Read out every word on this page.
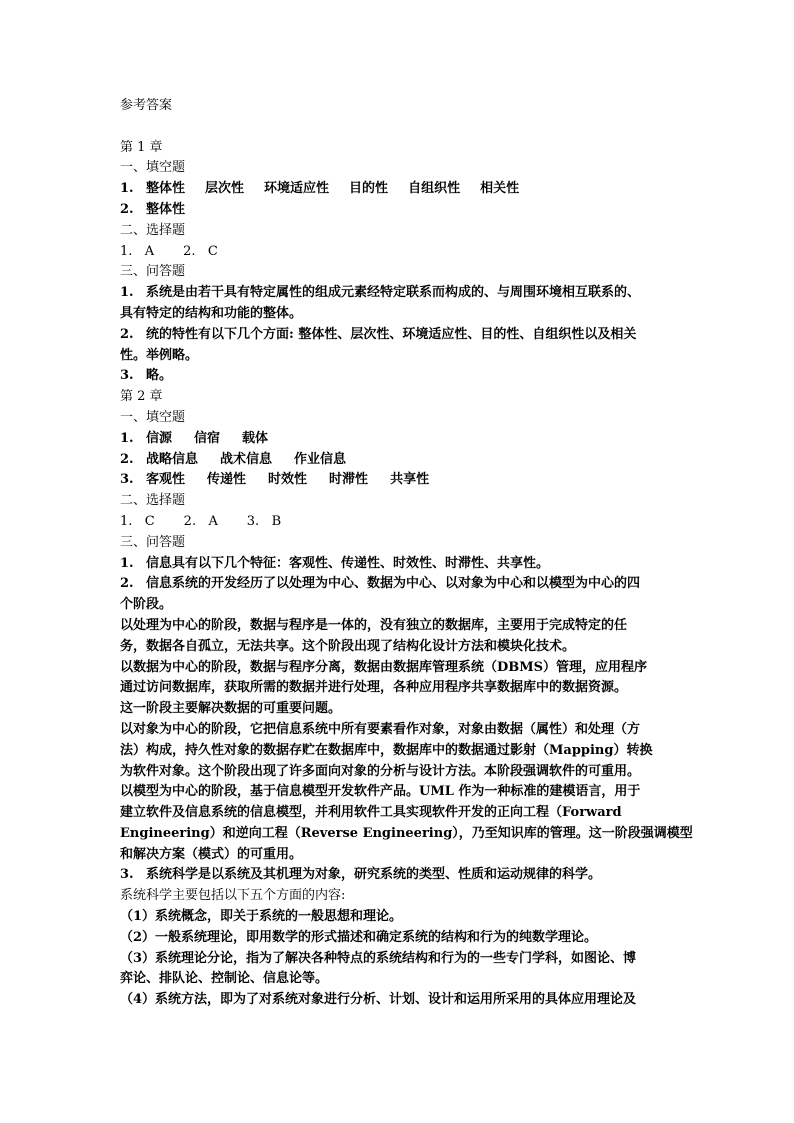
参考答案
第 1 章
一、填空题
1. 整体性 层次性 环境适应性 目的性 自组织性 相关性
2. 整体性
二、选择题
1.   A       2.   C
三、问答题
1. 系统是由若干具有特定属性的组成元素经特定联系而构成的、与周围环境相互联系的、
具有特定的结构和功能的整体。
2. 统的特性有以下几个方面: 整体性、层次性、环境适应性、目的性、自组织性以及相关
性。举例略。
3. 略。
第 2 章
一、填空题
1. 信源 信宿 载体
2. 战略信息 战术信息 作业信息
3. 客观性 传递性 时效性 时滞性 共享性
二、选择题
1.   C       2.   A       3.   B
三、问答题
1. 信息具有以下几个特征：客观性、传递性、时效性、时滞性、共享性。
2. 信息系统的开发经历了以处理为中心、数据为中心、以对象为中心和以模型为中心的四
个阶段。
以处理为中心的阶段，数据与程序是一体的，没有独立的数据库，主要用于完成特定的任
务，数据各自孤立，无法共享。这个阶段出现了结构化设计方法和模块化技术。
以数据为中心的阶段，数据与程序分离，数据由数据库管理系统（DBMS）管理，应用程序
通过访问数据库，获取所需的数据并进行处理，各种应用程序共享数据库中的数据资源。
这一阶段主要解决数据的可重要问题。
以对象为中心的阶段，它把信息系统中所有要素看作对象，对象由数据（属性）和处理（方
法）构成，持久性对象的数据存贮在数据库中，数据库中的数据通过影射（Mapping）转换
为软件对象。这个阶段出现了许多面向对象的分析与设计方法。本阶段强调软件的可重用。
以模型为中心的阶段，基于信息模型开发软件产品。UML 作为一种标准的建模语言，用于
建立软件及信息系统的信息模型，并利用软件工具实现软件开发的正向工程（Forward
Engineering）和逆向工程（Reverse Engineering），乃至知识库的管理。这一阶段强调模型
和解决方案（模式）的可重用。
3. 系统科学是以系统及其机理为对象，研究系统的类型、性质和运动规律的科学。
系统科学主要包括以下五个方面的内容:
（1）系统概念，即关于系统的一般思想和理论。
（2）一般系统理论，即用数学的形式描述和确定系统的结构和行为的纯数学理论。
（3）系统理论分论，指为了解决各种特点的系统结构和行为的一些专门学科，如图论、博
弈论、排队论、控制论、信息论等。
（4）系统方法，即为了对系统对象进行分析、计划、设计和运用所采用的具体应用理论及
